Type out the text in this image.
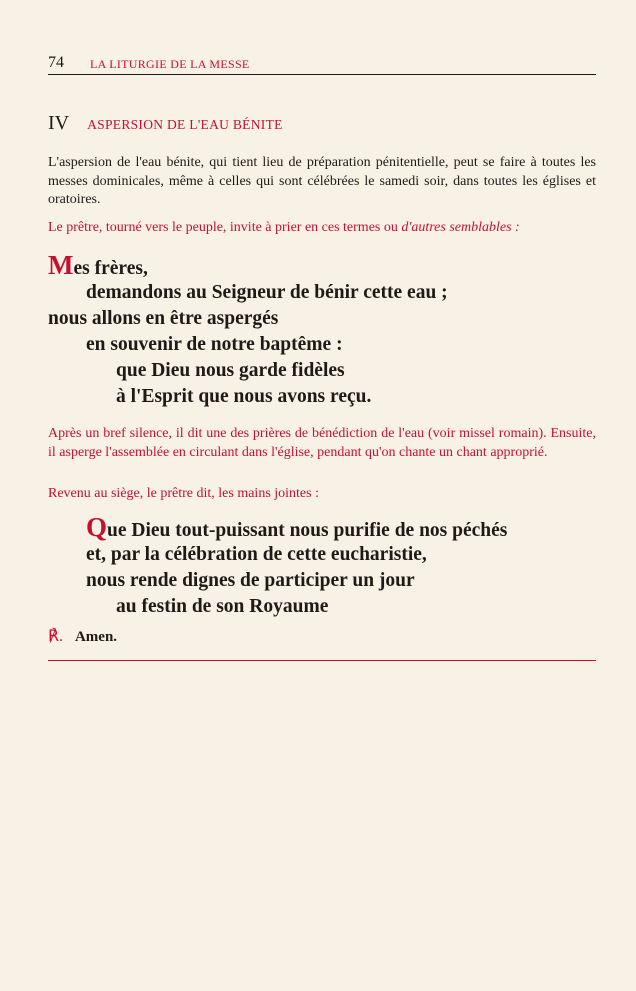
74 LA LITURGIE DE LA MESSE
IV ASPERSION DE L'EAU BÉNITE
L'aspersion de l'eau bénite, qui tient lieu de préparation pénitentielle, peut se faire à toutes les messes dominicales, même à celles qui sont célébrées le samedi soir, dans toutes les églises et oratoires.
Le prêtre, tourné vers le peuple, invite à prier en ces termes ou d'autres semblables :
Mes frères,
demandons au Seigneur de bénir cette eau ;
nous allons en être aspergés
en souvenir de notre baptême :
que Dieu nous garde fidèles
à l'Esprit que nous avons reçu.
Après un bref silence, il dit une des prières de bénédiction de l'eau (voir missel romain). Ensuite, il asperge l'assemblée en circulant dans l'église, pendant qu'on chante un chant approprié.
Revenu au siège, le prêtre dit, les mains jointes :
Que Dieu tout-puissant nous purifie de nos péchés
et, par la célébration de cette eucharistie,
nous rende dignes de participer un jour
au festin de son Royaume
℟. Amen.
